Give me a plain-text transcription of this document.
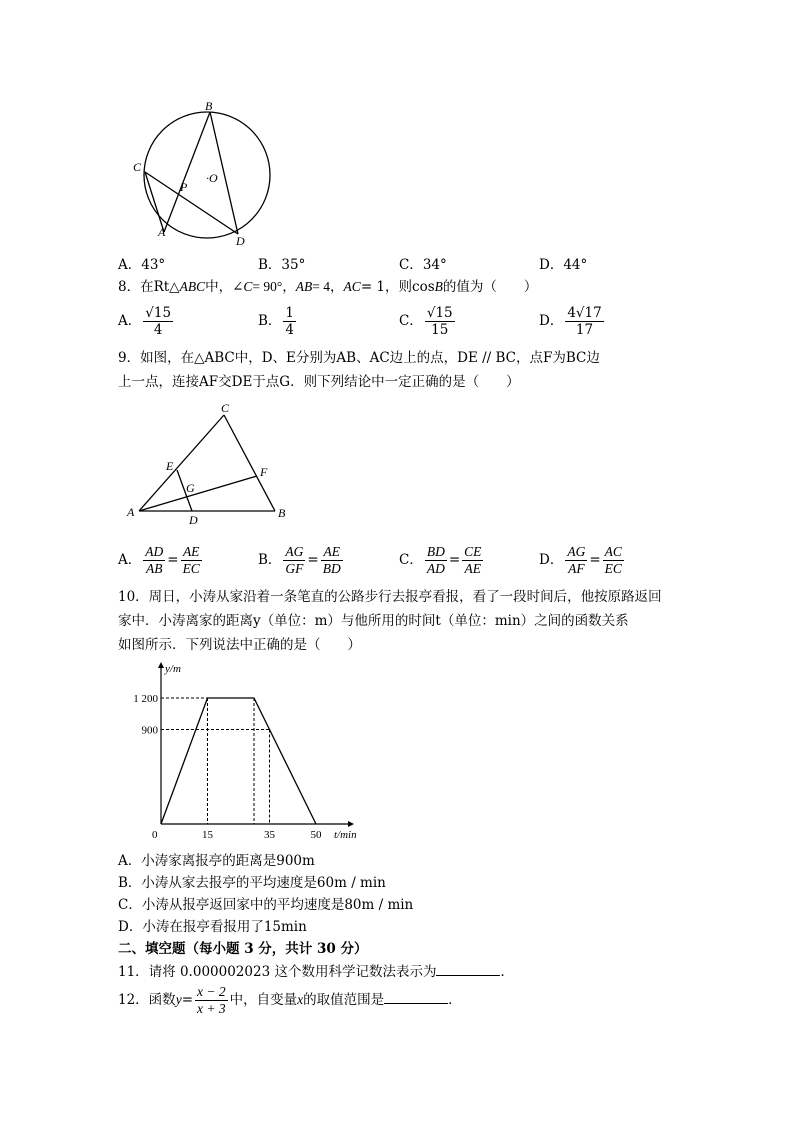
B
C
P
·O
A
D
A．43°	B．35°	C．34°	D．44°
8．在Rt△ABC中，∠C= 90°，AB= 4，AC= 1，则cosB的值为（　　）
A． $\frac{√15}{4}$	B． $\frac{1}{4}$	C． $\frac{√15}{15}$	D． $\frac{4√17}{17}$
9．如图，在△ABC中，D、E分别为AB、AC边上的点，DE // BC，点F为BC边
上一点，连接AF交DE于点G．则下列结论中一定正确的是（　　）
C
E	F
G
A
D	B
A． $\frac{AD}{AB} = \frac{AE}{EC}$	B． $\frac{AG}{GF} = \frac{AE}{BD}$	C． $\frac{BD}{AD} = \frac{CE}{AE}$	D． $\frac{AG}{AF} = \frac{AC}{EC}$
10．周日，小涛从家沿着一条笔直的公路步行去报亭看报，看了一段时间后，他按原路返回
家中．小涛离家的距离y（单位：m）与他所用的时间t（单位：min）之间的函数关系
如图所示．下列说法中正确的是（　　）
y/m
t/min
1 200
900
0	15	35	50
A．小涛家离报亭的距离是900m
B．小涛从家去报亭的平均速度是60m / min
C．小涛从报亭返回家中的平均速度是80m / min
D．小涛在报亭看报用了15min
二、填空题（每小题 3 分，共计 30 分）
11．请将 0.000002023 这个数用科学记数法表示为	．
12．函数$y= \frac{x - 2}{x + 3}$ 中，自变量x的取值范围是	．
